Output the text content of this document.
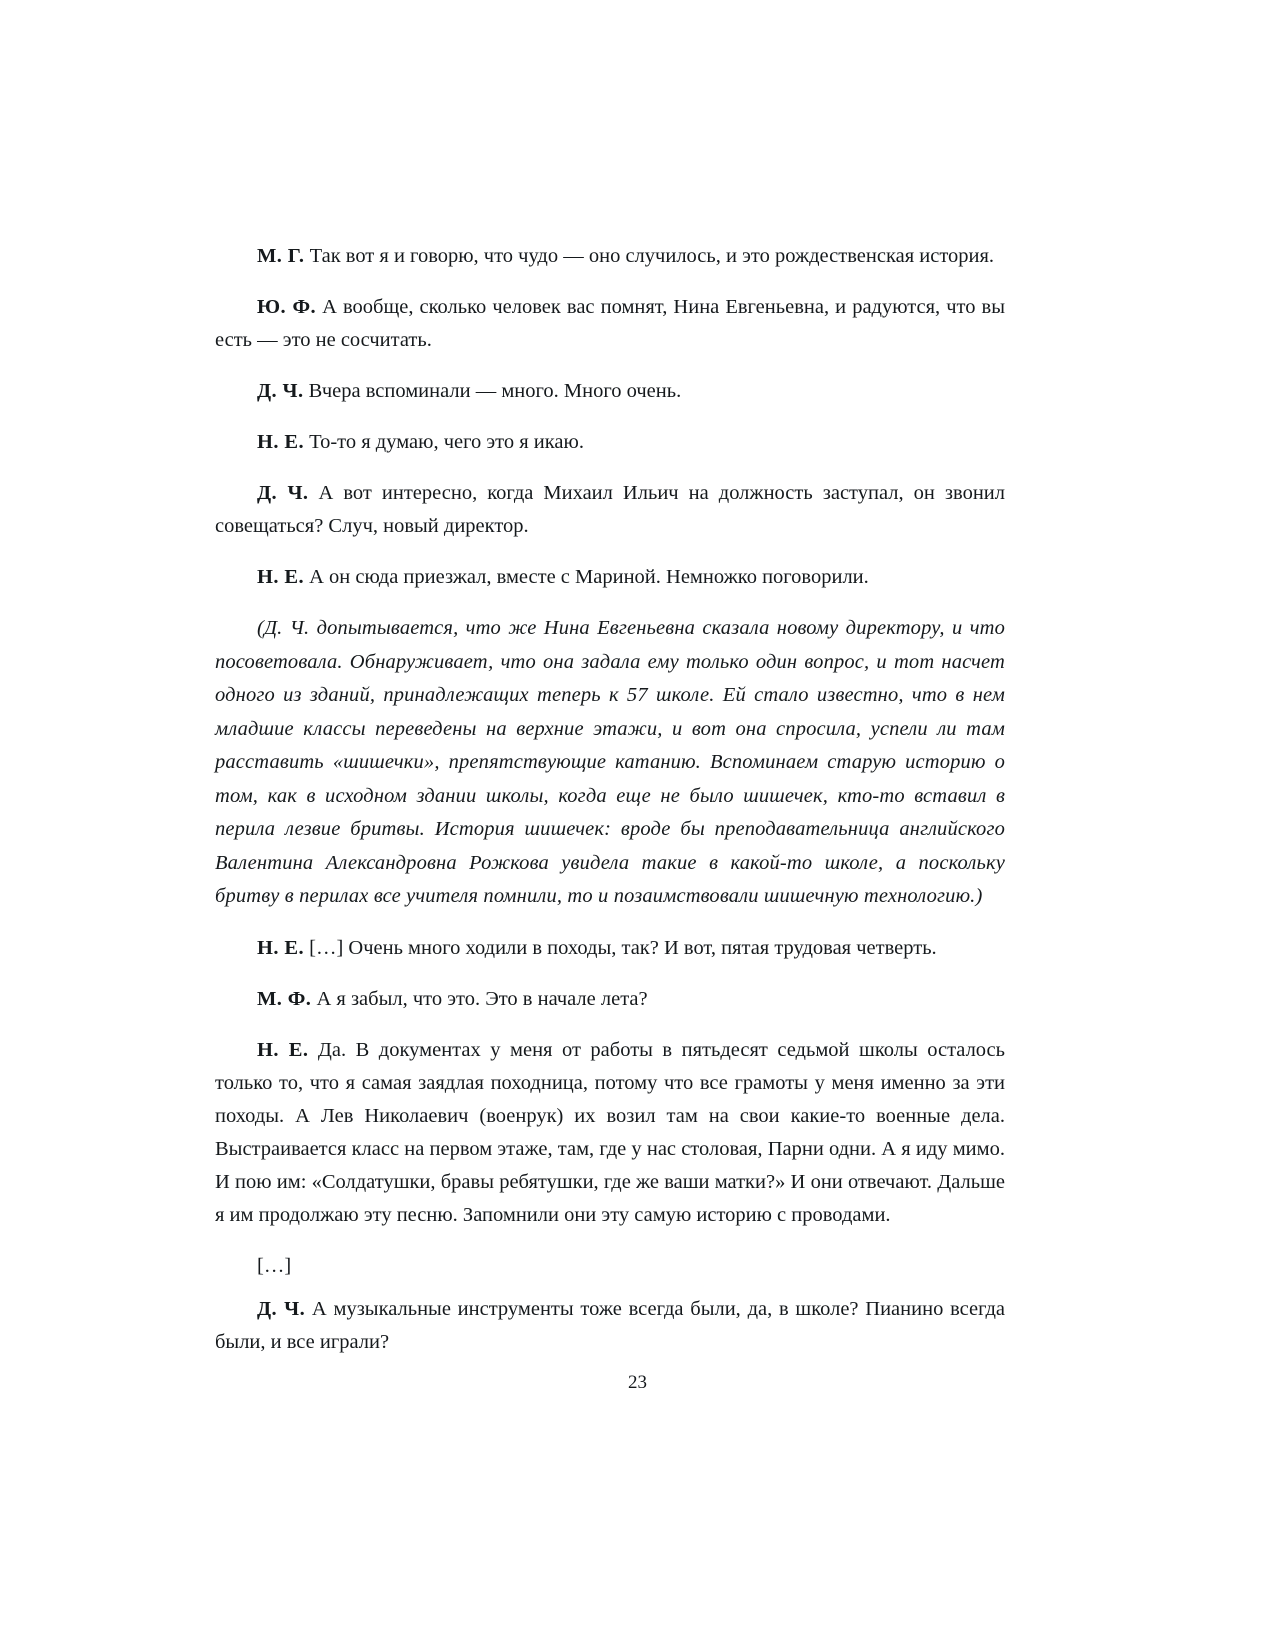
М. Г. Так вот я и говорю, что чудо — оно случилось, и это рождественская история.

Ю. Ф. А вообще, сколько человек вас помнят, Нина Евгеньевна, и радуются, что вы есть — это не сосчитать.

Д. Ч. Вчера вспоминали — много. Много очень.

Н. Е. То-то я думаю, чего это я икаю.

Д. Ч. А вот интересно, когда Михаил Ильич на должность заступал, он звонил совещаться? Случ, новый директор.

Н. Е. А он сюда приезжал, вместе с Мариной. Немножко поговорили.

(Д. Ч. допытывается, что же Нина Евгеньевна сказала новому директору, и что посоветовала. Обнаруживает, что она задала ему только один вопрос, и тот насчет одного из зданий, принадлежащих теперь к 57 школе. Ей стало известно, что в нем младшие классы переведены на верхние этажи, и вот она спросила, успели ли там расставить «шишечки», препятствующие катанию. Вспоминаем старую историю о том, как в исходном здании школы, когда еще не было шишечек, кто-то вставил в перила лезвие бритвы. История шишечек: вроде бы преподавательница английского Валентина Александровна Рожкова увидела такие в какой-то школе, а поскольку бритву в перилах все учителя помнили, то и позаимствовали шишечную технологию.)

Н. Е. […] Очень много ходили в походы, так? И вот, пятая трудовая четверть.

М. Ф. А я забыл, что это. Это в начале лета?

Н. Е. Да. В документах у меня от работы в пятьдесят седьмой школы осталось только то, что я самая заядлая походница, потому что все грамоты у меня именно за эти походы. А Лев Николаевич (военрук) их возил там на свои какие-то военные дела. Выстраивается класс на первом этаже, там, где у нас столовая, Парни одни. А я иду мимо. И пою им: «Солдатушки, бравы ребятушки, где же ваши матки?» И они отвечают. Дальше я им продолжаю эту песню. Запомнили они эту самую историю с проводами.

[…]

Д. Ч. А музыкальные инструменты тоже всегда были, да, в школе? Пианино всегда были, и все играли?

23
